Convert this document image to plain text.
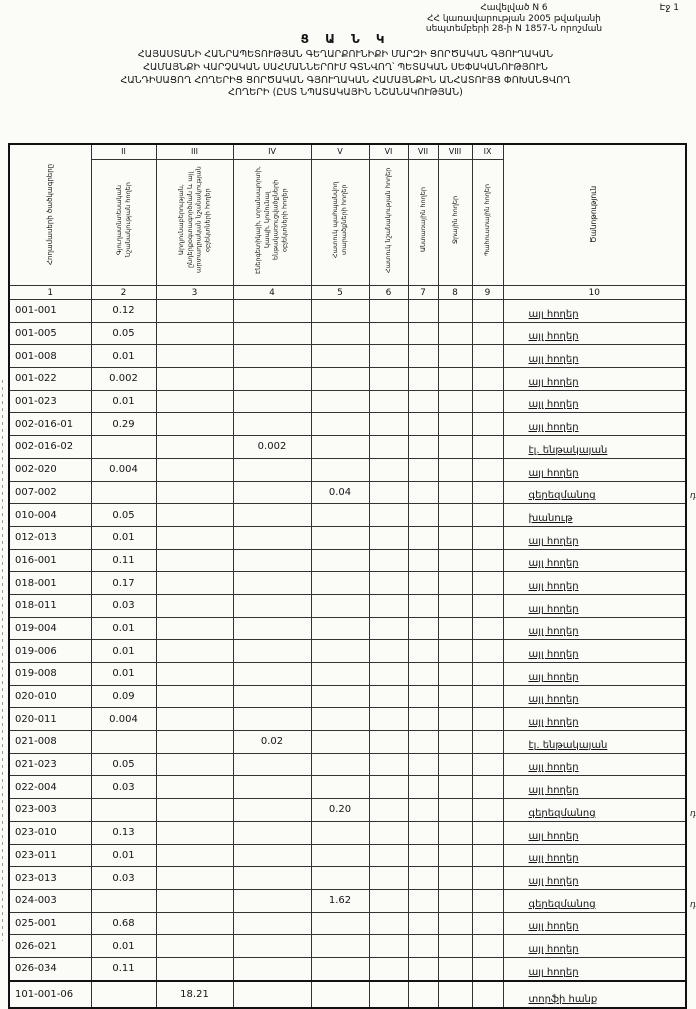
Հավելված N 6
ՀՀ կառավարության 2005 թվականի
սեպտեմբերի 28-ի N 1857-Ն որոշման
Էջ 1
Ց Ա Ն Կ
ՀԱՅԱՍՏԱՆԻ ՀԱՆՐԱՊԵՏՈՒԹՅԱՆ ԳԵՂԱՐՔՈՒՆԻՔԻ ՄԱՐԶԻ ՑՈՐԾԱԿԱՆ ԳՅՈՒՂԱԿԱՆ
ՀԱՄԱՅՆՔԻ ՎԱՐՉԱԿԱՆ ՍԱՀՄԱՆՆԵՐՈՒՄ ԳՏՆՎՈՂ՝ ՊԵՏԱԿԱՆ ՍԵՓԱԿԱՆՈՒԹՅՈՒՆ
ՀԱՆԴԻՍԱՑՈՂ ՀՈՂԵՐԻՑ ՑՈՐԾԱԿԱՆ ԳՅՈՒՂԱԿԱՆ ՀԱՄԱՅՆՔԻՆ ԱՆՀԱՏՈՒՅՑ ՓՈԽԱՆՑՎՈՂ
ՀՈՂԵՐԻ (ԸՍՏ ՆՊԱՏԱԿԱՅԻՆ ՆՇԱՆԱԿՈՒԹՅԱՆ)
Հողամասերի ծածկագրերը	II	III	IV	V	VI	VII	VIII	IX	Ծանոթություն
	Գյուղատնտեսական նշանակության հողեր	Արդյունաբերության, ընդերքօգտագործման և այլ արտադրական նշանակության օբյեկտների հողեր	Էներգետիկայի, տրանսպորտի, կապի, կոմունալ ենթակառուցվածքների օբյեկտների հողեր	Հատուկ պահպանվող տարածքների հողեր	Հատուկ նշանակության հողեր	Անտառային հողեր	Ջրային հողեր	Պահուստային հողեր	
1	2	3	4	5	6	7	8	9	10
001-001	0.12								այլ հողեր
001-005	0.05								այլ հողեր
001-008	0.01								այլ հողեր
001-022	0.002								այլ հողեր
001-023	0.01								այլ հողեր
002-016-01	0.29								այլ հողեր
002-016-02			0.002						էլ. ենթակայան
002-020	0.004								այլ հողեր
007-002				0.04					գերեզմանոց դ

010-004	0.05								խանութ
012-013	0.01								այլ հողեր
016-001	0.11								այլ հողեր
018-001	0.17								այլ հողեր
018-011	0.03								այլ հողեր
019-004	0.01								այլ հողեր
019-006	0.01								այլ հողեր
019-008	0.01								այլ հողեր
020-010	0.09								այլ հողեր
020-011	0.004								այլ հողեր
021-008			0.02						էլ. ենթակայան
021-023	0.05								այլ հողեր
022-004	0.03								այլ հողեր
023-003				0.20					գերեզմանոց դ

023-010	0.13								այլ հողեր
023-011	0.01								այլ հողեր
023-013	0.03								այլ հողեր
024-003				1.62					գերեզմանոց դ

025-001	0.68								այլ հողեր
026-021	0.01								այլ հողեր
026-034	0.11								այլ հողեր
101-001-06		18.21							տորֆի հանք
